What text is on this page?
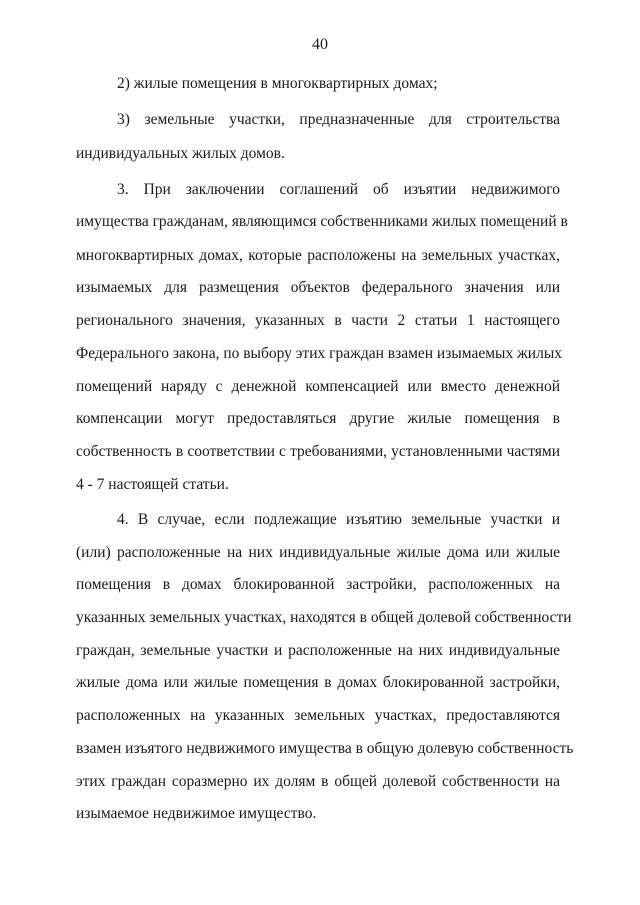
40
2) жилые помещения в многоквартирных домах;
3) земельные участки, предназначенные для строительства
индивидуальных жилых домов.
3. При заключении соглашений об изъятии недвижимого
имущества гражданам, являющимся собственниками жилых помещений в
многоквартирных домах, которые расположены на земельных участках,
изымаемых для размещения объектов федерального значения или
регионального значения, указанных в части 2 статьи 1 настоящего
Федерального закона, по выбору этих граждан взамен изымаемых жилых
помещений наряду с денежной компенсацией или вместо денежной
компенсации могут предоставляться другие жилые помещения в
собственность в соответствии с требованиями, установленными частями
4 - 7 настоящей статьи.
4. В случае, если подлежащие изъятию земельные участки и
(или) расположенные на них индивидуальные жилые дома или жилые
помещения в домах блокированной застройки, расположенных на
указанных земельных участках, находятся в общей долевой собственности
граждан, земельные участки и расположенные на них индивидуальные
жилые дома или жилые помещения в домах блокированной застройки,
расположенных на указанных земельных участках, предоставляются
взамен изъятого недвижимого имущества в общую долевую собственность
этих граждан соразмерно их долям в общей долевой собственности на
изымаемое недвижимое имущество.
